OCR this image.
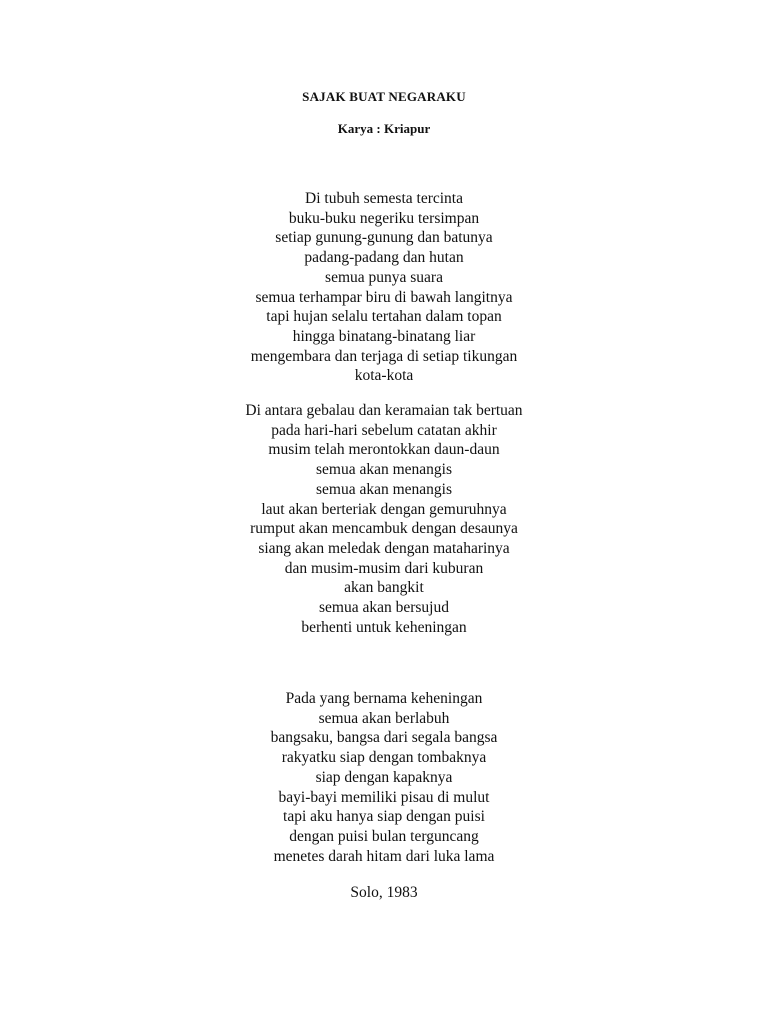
SAJAK BUAT NEGARAKU
Karya : Kriapur
Di tubuh semesta tercinta
buku-buku negeriku tersimpan
setiap gunung-gunung dan batunya
padang-padang dan hutan
semua punya suara
semua terhampar biru di bawah langitnya
tapi hujan selalu tertahan dalam topan
hingga binatang-binatang liar
mengembara dan terjaga di setiap tikungan
kota-kota
Di antara gebalau dan keramaian tak bertuan
pada hari-hari sebelum catatan akhir
musim telah merontokkan daun-daun
semua akan menangis
semua akan menangis
laut akan berteriak dengan gemuruhnya
rumput akan mencambuk dengan desaunya
siang akan meledak dengan mataharinya
dan musim-musim dari kuburan
akan bangkit
semua akan bersujud
berhenti untuk keheningan
Pada yang bernama keheningan
semua akan berlabuh
bangsaku, bangsa dari segala bangsa
rakyatku siap dengan tombaknya
siap dengan kapaknya
bayi-bayi memiliki pisau di mulut
tapi aku hanya siap dengan puisi
dengan puisi bulan terguncang
menetes darah hitam dari luka lama
Solo, 1983
